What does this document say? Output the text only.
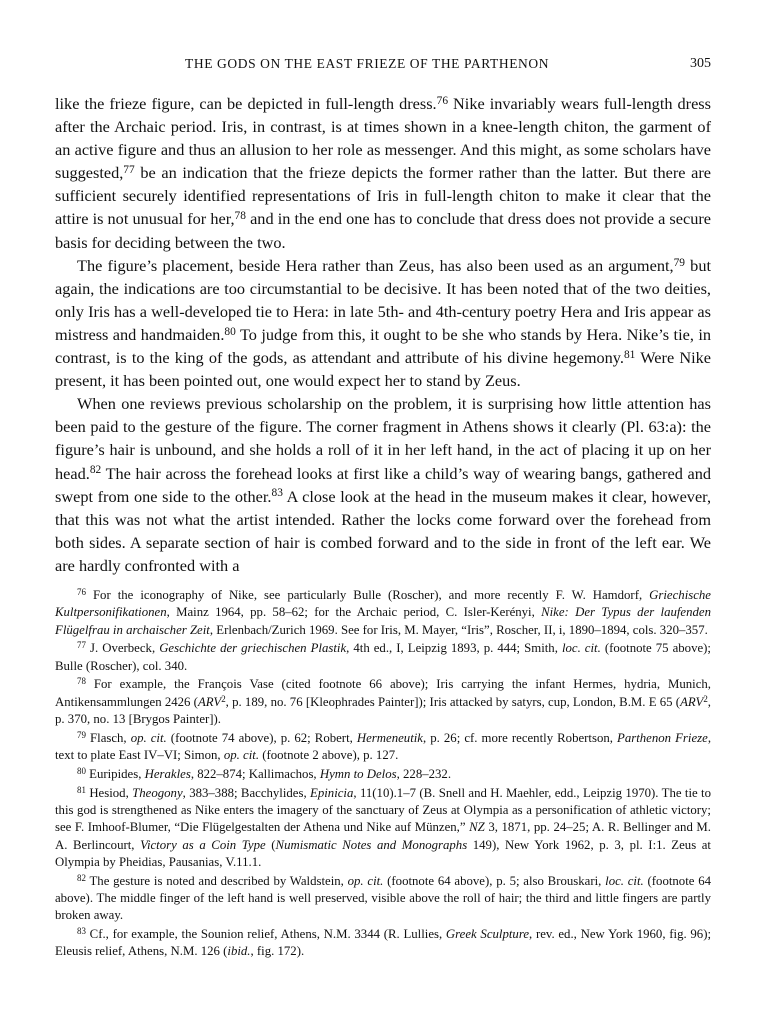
THE GODS ON THE EAST FRIEZE OF THE PARTHENON	305

like the frieze figure, can be depicted in full-length dress.$^{76}$ Nike invariably wears full-length dress after the Archaic period. Iris, in contrast, is at times shown in a knee-length chiton, the garment of an active figure and thus an allusion to her role as messenger. And this might, as some scholars have suggested,$^{77}$ be an indication that the frieze depicts the former rather than the latter. But there are sufficient securely identified representations of Iris in full-length chiton to make it clear that the attire is not unusual for her,$^{78}$ and in the end one has to conclude that dress does not provide a secure basis for deciding between the two.

The figure’s placement, beside Hera rather than Zeus, has also been used as an argument,$^{79}$ but again, the indications are too circumstantial to be decisive. It has been noted that of the two deities, only Iris has a well-developed tie to Hera: in late 5th- and 4th-century poetry Hera and Iris appear as mistress and handmaiden.$^{80}$ To judge from this, it ought to be she who stands by Hera. Nike’s tie, in contrast, is to the king of the gods, as attendant and attribute of his divine hegemony.$^{81}$ Were Nike present, it has been pointed out, one would expect her to stand by Zeus.

When one reviews previous scholarship on the problem, it is surprising how little attention has been paid to the gesture of the figure. The corner fragment in Athens shows it clearly (Pl. 63:a): the figure’s hair is unbound, and she holds a roll of it in her left hand, in the act of placing it up on her head.$^{82}$ The hair across the forehead looks at first like a child’s way of wearing bangs, gathered and swept from one side to the other.$^{83}$ A close look at the head in the museum makes it clear, however, that this was not what the artist intended. Rather the locks come forward over the forehead from both sides. A separate section of hair is combed forward and to the side in front of the left ear. We are hardly confronted with a

$^{76}$ For the iconography of Nike, see particularly Bulle (Roscher), and more recently F. W. Hamdorf, Griechische Kultpersonifikationen, Mainz 1964, pp. 58–62; for the Archaic period, C. Isler-Kerényi, Nike: Der Typus der laufenden Flügelfrau in archaischer Zeit, Erlenbach/Zurich 1969. See for Iris, M. Mayer, “Iris”, Roscher, II, i, 1890–1894, cols. 320–357.

$^{77}$ J. Overbeck, Geschichte der griechischen Plastik, 4th ed., I, Leipzig 1893, p. 444; Smith, loc. cit. (footnote 75 above); Bulle (Roscher), col. 340.

$^{78}$ For example, the François Vase (cited footnote 66 above); Iris carrying the infant Hermes, hydria, Munich, Antikensammlungen 2426 (ARV$^2$, p. 189, no. 76 [Kleophrades Painter]); Iris attacked by satyrs, cup, London, B.M. E 65 (ARV$^2$, p. 370, no. 13 [Brygos Painter]).

$^{79}$ Flasch, op. cit. (footnote 74 above), p. 62; Robert, Hermeneutik, p. 26; cf. more recently Robertson, Parthenon Frieze, text to plate East IV–VI; Simon, op. cit. (footnote 2 above), p. 127.

$^{80}$ Euripides, Herakles, 822–874; Kallimachos, Hymn to Delos, 228–232.

$^{81}$ Hesiod, Theogony, 383–388; Bacchylides, Epinicia, 11(10).1–7 (B. Snell and H. Maehler, edd., Leipzig 1970). The tie to this god is strengthened as Nike enters the imagery of the sanctuary of Zeus at Olympia as a personification of athletic victory; see F. Imhoof-Blumer, “Die Flügelgestalten der Athena und Nike auf Münzen,” NZ 3, 1871, pp. 24–25; A. R. Bellinger and M. A. Berlincourt, Victory as a Coin Type (Numismatic Notes and Monographs 149), New York 1962, p. 3, pl. I:1. Zeus at Olympia by Pheidias, Pausanias, V.11.1.

$^{82}$ The gesture is noted and described by Waldstein, op. cit. (footnote 64 above), p. 5; also Brouskari, loc. cit. (footnote 64 above). The middle finger of the left hand is well preserved, visible above the roll of hair; the third and little fingers are partly broken away.

$^{83}$ Cf., for example, the Sounion relief, Athens, N.M. 3344 (R. Lullies, Greek Sculpture, rev. ed., New York 1960, fig. 96); Eleusis relief, Athens, N.M. 126 (ibid., fig. 172).
